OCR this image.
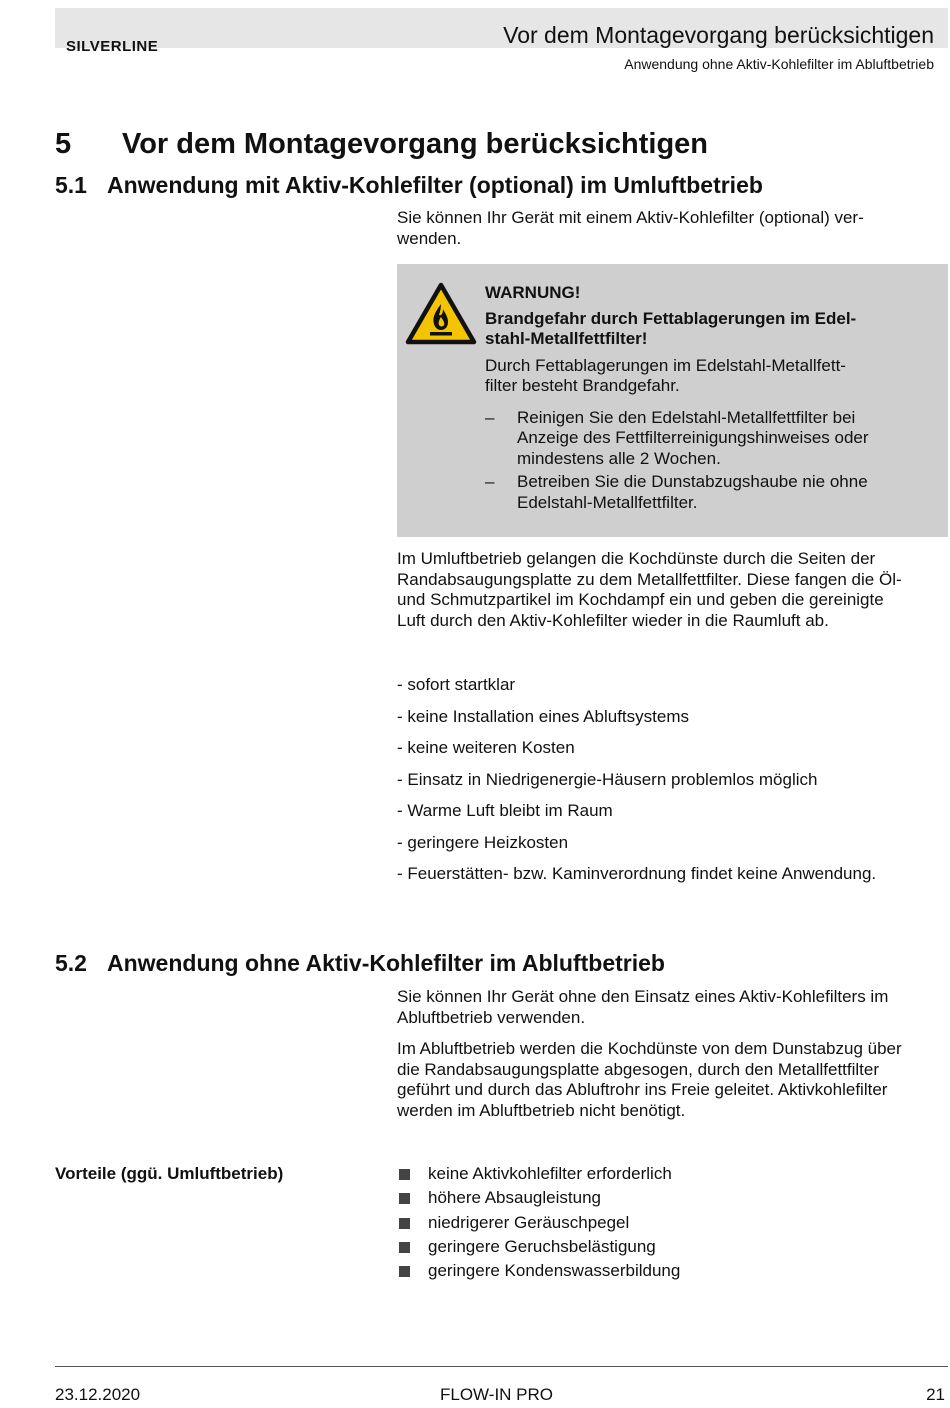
Vor dem Montagevorgang berücksichtigen
SILVERLINE
Anwendung ohne Aktiv-Kohlefilter im Abluftbetrieb
5 Vor dem Montagevorgang berücksichtigen
5.1 Anwendung mit Aktiv-Kohlefilter (optional) im Umluftbetrieb

Sie können Ihr Gerät mit einem Aktiv-Kohlefilter (optional) ver-

wenden.

WARNUNG!

Brandgefahr durch Fettablagerungen im Edel-

stahl-Metallfettfilter!

Durch Fettablagerungen im Edelstahl-Metallfett-

filter besteht Brandgefahr.

– Reinigen Sie den Edelstahl-Metallfettfilter bei
Anzeige des Fettfilterreinigungshinweises oder
mindestens alle 2 Wochen.
– Betreiben Sie die Dunstabzugshaube nie ohne
Edelstahl-Metallfettfilter.

Im Umluftbetrieb gelangen die Kochdünste durch die Seiten der

Randabsaugungsplatte zu dem Metallfettfilter. Diese fangen die Öl-

und Schmutzpartikel im Kochdampf ein und geben die gereinigte

Luft durch den Aktiv-Kohlefilter wieder in die Raumluft ab.

- sofort startklar
- keine Installation eines Abluftsystems
- keine weiteren Kosten
- Einsatz in Niedrigenergie-Häusern problemlos möglich
- Warme Luft bleibt im Raum
- geringere Heizkosten
- Feuerstätten- bzw. Kaminverordnung findet keine Anwendung.
5.2 Anwendung ohne Aktiv-Kohlefilter im Abluftbetrieb

Sie können Ihr Gerät ohne den Einsatz eines Aktiv-Kohlefilters im

Abluftbetrieb verwenden.

Im Abluftbetrieb werden die Kochdünste von dem Dunstabzug über

die Randabsaugungsplatte abgesogen, durch den Metallfettfilter

geführt und durch das Abluftrohr ins Freie geleitet. Aktivkohlefilter

werden im Abluftbetrieb nicht benötigt.

Vorteile (ggü. Umluftbetrieb)	keine Aktivkohlefilter erforderlich
höhere Absaugleistung
niedrigerer Geräuschpegel
geringere Geruchsbelästigung
geringere Kondenswasserbildung
23.12.2020	FLOW-IN PRO	21
